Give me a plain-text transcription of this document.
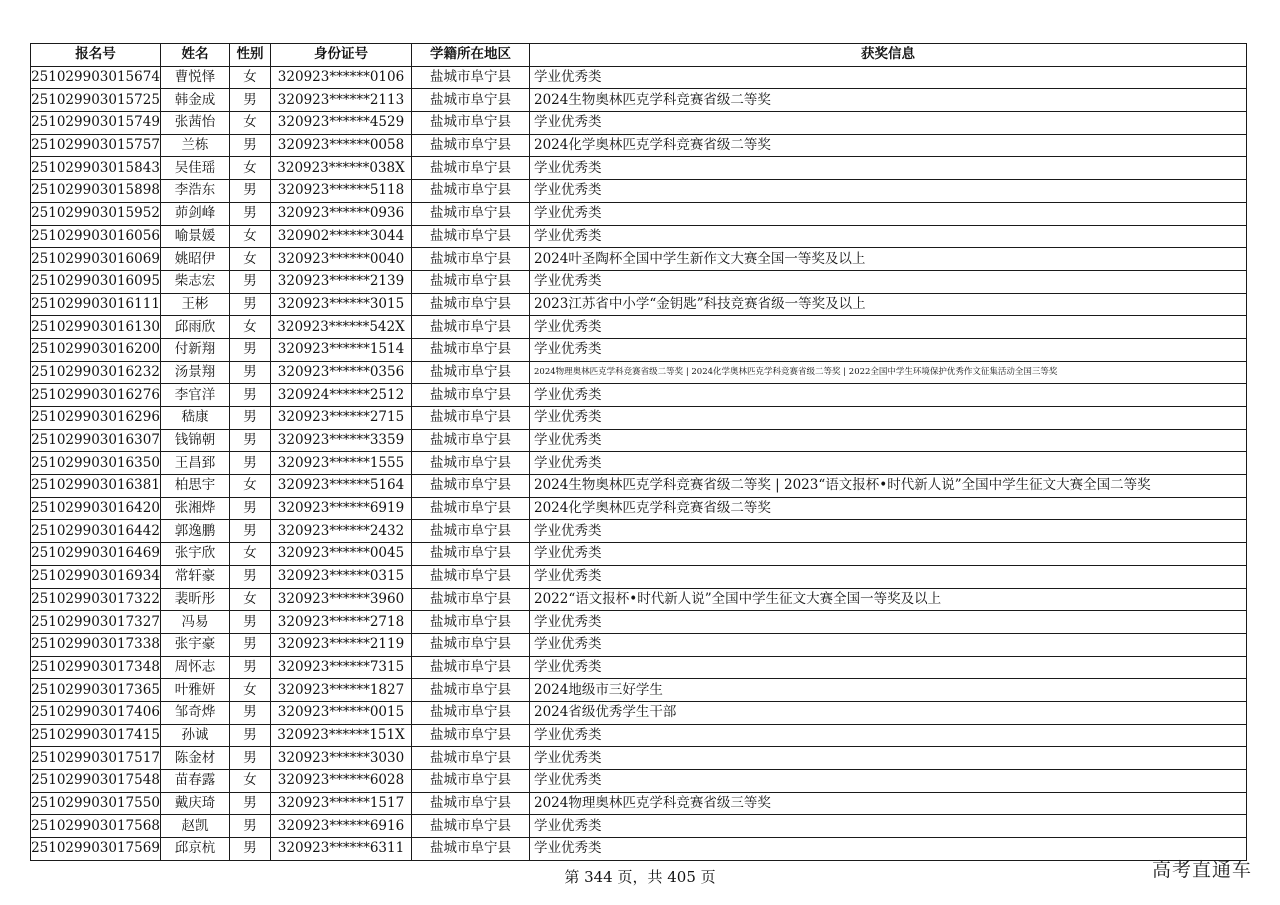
报名号	姓名	性别	身份证号	学籍所在地区	获奖信息
251029903015674	曹悦怿	女	320923******0106	盐城市阜宁县	学业优秀类
251029903015725	韩金成	男	320923******2113	盐城市阜宁县	2024生物奥林匹克学科竞赛省级二等奖
251029903015749	张茜怡	女	320923******4529	盐城市阜宁县	学业优秀类
251029903015757	兰栋	男	320923******0058	盐城市阜宁县	2024化学奥林匹克学科竞赛省级二等奖
251029903015843	吴佳瑶	女	320923******038X	盐城市阜宁县	学业优秀类
251029903015898	李浩东	男	320923******5118	盐城市阜宁县	学业优秀类
251029903015952	茆剑峰	男	320923******0936	盐城市阜宁县	学业优秀类
251029903016056	喻景媛	女	320902******3044	盐城市阜宁县	学业优秀类
251029903016069	姚昭伊	女	320923******0040	盐城市阜宁县	2024叶圣陶杯全国中学生新作文大赛全国一等奖及以上
251029903016095	柴志宏	男	320923******2139	盐城市阜宁县	学业优秀类
251029903016111	王彬	男	320923******3015	盐城市阜宁县	2023江苏省中小学“金钥匙”科技竞赛省级一等奖及以上
251029903016130	邱雨欣	女	320923******542X	盐城市阜宁县	学业优秀类
251029903016200	付新翔	男	320923******1514	盐城市阜宁县	学业优秀类
251029903016232	汤景翔	男	320923******0356	盐城市阜宁县	2024物理奥林匹克学科竞赛省级二等奖 | 2024化学奥林匹克学科竞赛省级二等奖 | 2022全国中学生环境保护优秀作文征集活动全国三等奖
251029903016276	李官洋	男	320924******2512	盐城市阜宁县	学业优秀类
251029903016296	嵇康	男	320923******2715	盐城市阜宁县	学业优秀类
251029903016307	钱锦朝	男	320923******3359	盐城市阜宁县	学业优秀类
251029903016350	王昌郅	男	320923******1555	盐城市阜宁县	学业优秀类
251029903016381	柏思宇	女	320923******5164	盐城市阜宁县	2024生物奥林匹克学科竞赛省级二等奖 | 2023“语文报杯•时代新人说”全国中学生征文大赛全国二等奖
251029903016420	张湘烨	男	320923******6919	盐城市阜宁县	2024化学奥林匹克学科竞赛省级二等奖
251029903016442	郭逸鹏	男	320923******2432	盐城市阜宁县	学业优秀类
251029903016469	张宇欣	女	320923******0045	盐城市阜宁县	学业优秀类
251029903016934	常轩豪	男	320923******0315	盐城市阜宁县	学业优秀类
251029903017322	裴昕彤	女	320923******3960	盐城市阜宁县	2022“语文报杯•时代新人说”全国中学生征文大赛全国一等奖及以上
251029903017327	冯易	男	320923******2718	盐城市阜宁县	学业优秀类
251029903017338	张宇豪	男	320923******2119	盐城市阜宁县	学业优秀类
251029903017348	周怀志	男	320923******7315	盐城市阜宁县	学业优秀类
251029903017365	叶雅妍	女	320923******1827	盐城市阜宁县	2024地级市三好学生
251029903017406	邹奇烨	男	320923******0015	盐城市阜宁县	2024省级优秀学生干部
251029903017415	孙诚	男	320923******151X	盐城市阜宁县	学业优秀类
251029903017517	陈金材	男	320923******3030	盐城市阜宁县	学业优秀类
251029903017548	苗春露	女	320923******6028	盐城市阜宁县	学业优秀类
251029903017550	戴庆琦	男	320923******1517	盐城市阜宁县	2024物理奥林匹克学科竞赛省级三等奖
251029903017568	赵凯	男	320923******6916	盐城市阜宁县	学业优秀类
251029903017569	邱京杭	男	320923******6311	盐城市阜宁县	学业优秀类
第 344 页，共 405 页	高考直通车
